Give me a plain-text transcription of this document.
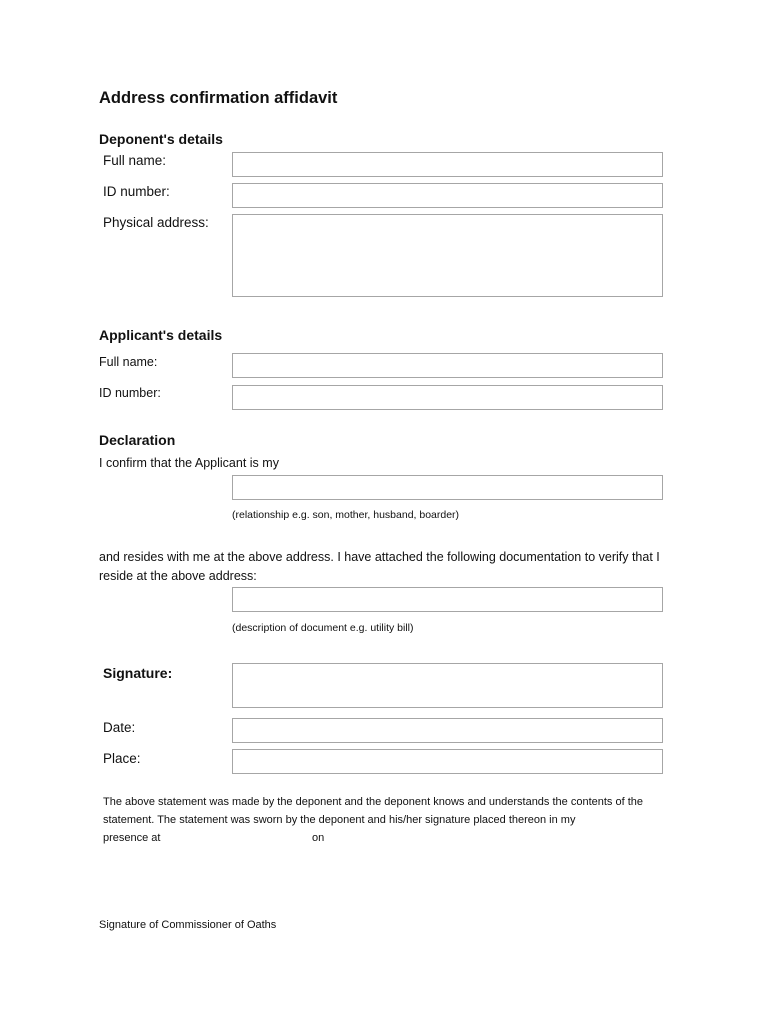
Address confirmation affidavit
Deponent's details
Full name:
ID number:
Physical address:
Applicant's details
Full name:
ID number:
Declaration
I confirm that the Applicant is my
(relationship e.g. son, mother, husband, boarder)
and resides with me at the above address. I have attached the following documentation to verify that I reside at the above address:
(description of document e.g. utility bill)
Signature:
Date:
Place:
The above statement was made by the deponent and the deponent knows and understands the contents of the statement. The statement was sworn by the deponent and his/her signature placed thereon in my
presence at	on
Signature of Commissioner of Oaths
